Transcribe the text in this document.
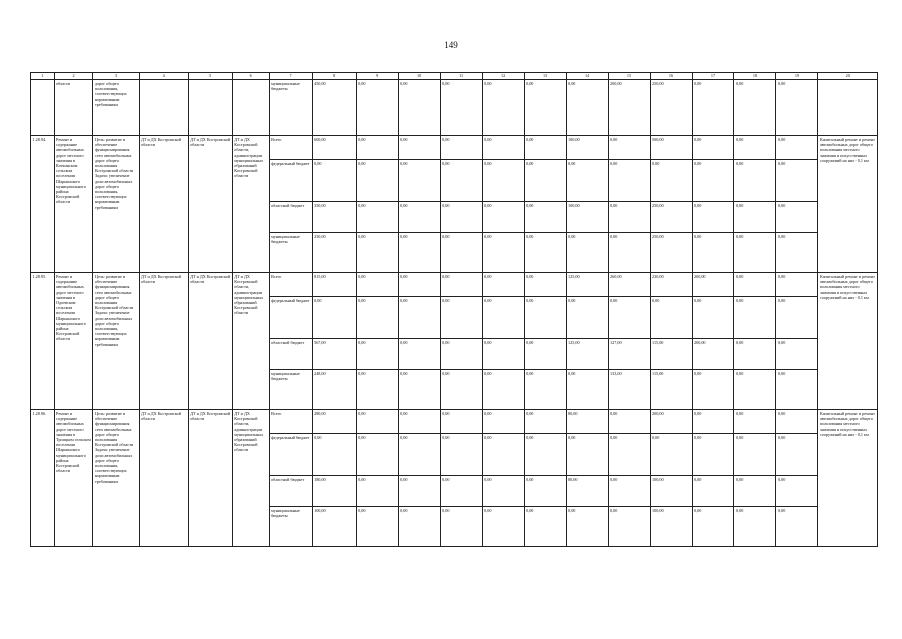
149
1	2	3	4	5	6	7	8	9	10	11	12	13	14	15	16	17	18	19	20
	области	дорог общего пользования, соответствующих нормативным требованиям				муниципальные бюджеты	450,00	0,00	0,00	0,00	0,00	0,00	0,00	200,00	250,00	0,00	0,00	0,00	
1.28.94.	Ремонт и содержание автомобильных дорог местного значения в Коткинском сельском поселении Шарьинского муниципального района Костромской области	Цель: развитие и обеспечение функционирования сети автомобильных дорог общего пользования Костромской области Задача: увеличение доли автомобильных дорог общего пользования, соответствующих нормативным требованиям	ДТ и ДХ Костромской области	ДТ и ДХ Костромской области	ДТ и ДХ Костромской области, администрации муниципальных образований Костромской области	Всего	600,00	0,00	0,00	0,00	0,00	0,00	100,00	0,00	500,00	0,00	0,00	0,00	Капитальный ремонт и ремонт автомобильных дорог общего пользования местного значения и искусственных сооружений на них - 0,1 км
						федеральный бюджет	0,00	0,00	0,00	0,00	0,00	0,00	0,00	0,00	0,00	0,00	0,00	0,00	
						областной бюджет	350,00	0,00	0,00	0,00	0,00	0,00	100,00	0,00	250,00	0,00	0,00	0,00	
						муниципальные бюджеты	250,00	0,00	0,00	0,00	0,00	0,00	0,00	0,00	250,00	0,00	0,00	0,00	
1.28.95.	Ремонт и содержание автомобильных дорог местного значения в Одоевском сельском поселении Шарьинского муниципального района Костромской области	Цель: развитие и обеспечение функционирования сети автомобильных дорог общего пользования Костромской области Задача: увеличение доли автомобильных дорог общего пользования, соответствующих нормативным требованиям	ДТ и ДХ Костромской области	ДТ и ДХ Костромской области	ДТ и ДХ Костромской области, администрации муниципальных образований Костромской области	Всего	815,00	0,00	0,00	0,00	0,00	0,00	125,00	260,00	230,00	200,00	0,00	0,00	Капитальный ремонт и ремонт автомобильных дорог общего пользования местного значения и искусственных сооружений на них - 0,1 км
						федеральный бюджет	0,00	0,00	0,00	0,00	0,00	0,00	0,00	0,00	0,00	0,00	0,00	0,00	
						областной бюджет	567,00	0,00	0,00	0,00	0,00	0,00	125,00	127,00	115,00	200,00	0,00	0,00	
						муниципальные бюджеты	248,00	0,00	0,00	0,00	0,00	0,00	0,00	133,00	115,00	0,00	0,00	0,00	
1.28.96.	Ремонт и содержание автомобильных дорог местного значения в Троицком сельском поселении Шарьинского муниципального района Костромской области	Цель: развитие и обеспечение функционирования сети автомобильных дорог общего пользования Костромской области Задача: увеличение доли автомобильных дорог общего пользования, соответствующих нормативным требованиям	ДТ и ДХ Костромской области	ДТ и ДХ Костромской области	ДТ и ДХ Костромской области, администрации муниципальных образований Костромской области	Всего	280,00	0,00	0,00	0,00	0,00	0,00	80,00	0,00	200,00	0,00	0,00	0,00	Капитальный ремонт и ремонт автомобильных дорог общего пользования местного значения и искусственных сооружений на них - 0,1 км
						федеральный бюджет	0,00	0,00	0,00	0,00	0,00	0,00	0,00	0,00	0,00	0,00	0,00	0,00	
						областной бюджет	180,00	0,00	0,00	0,00	0,00	0,00	80,00	0,00	100,00	0,00	0,00	0,00	
						муниципальные бюджеты	100,00	0,00	0,00	0,00	0,00	0,00	0,00	0,00	100,00	0,00	0,00	0,00	
